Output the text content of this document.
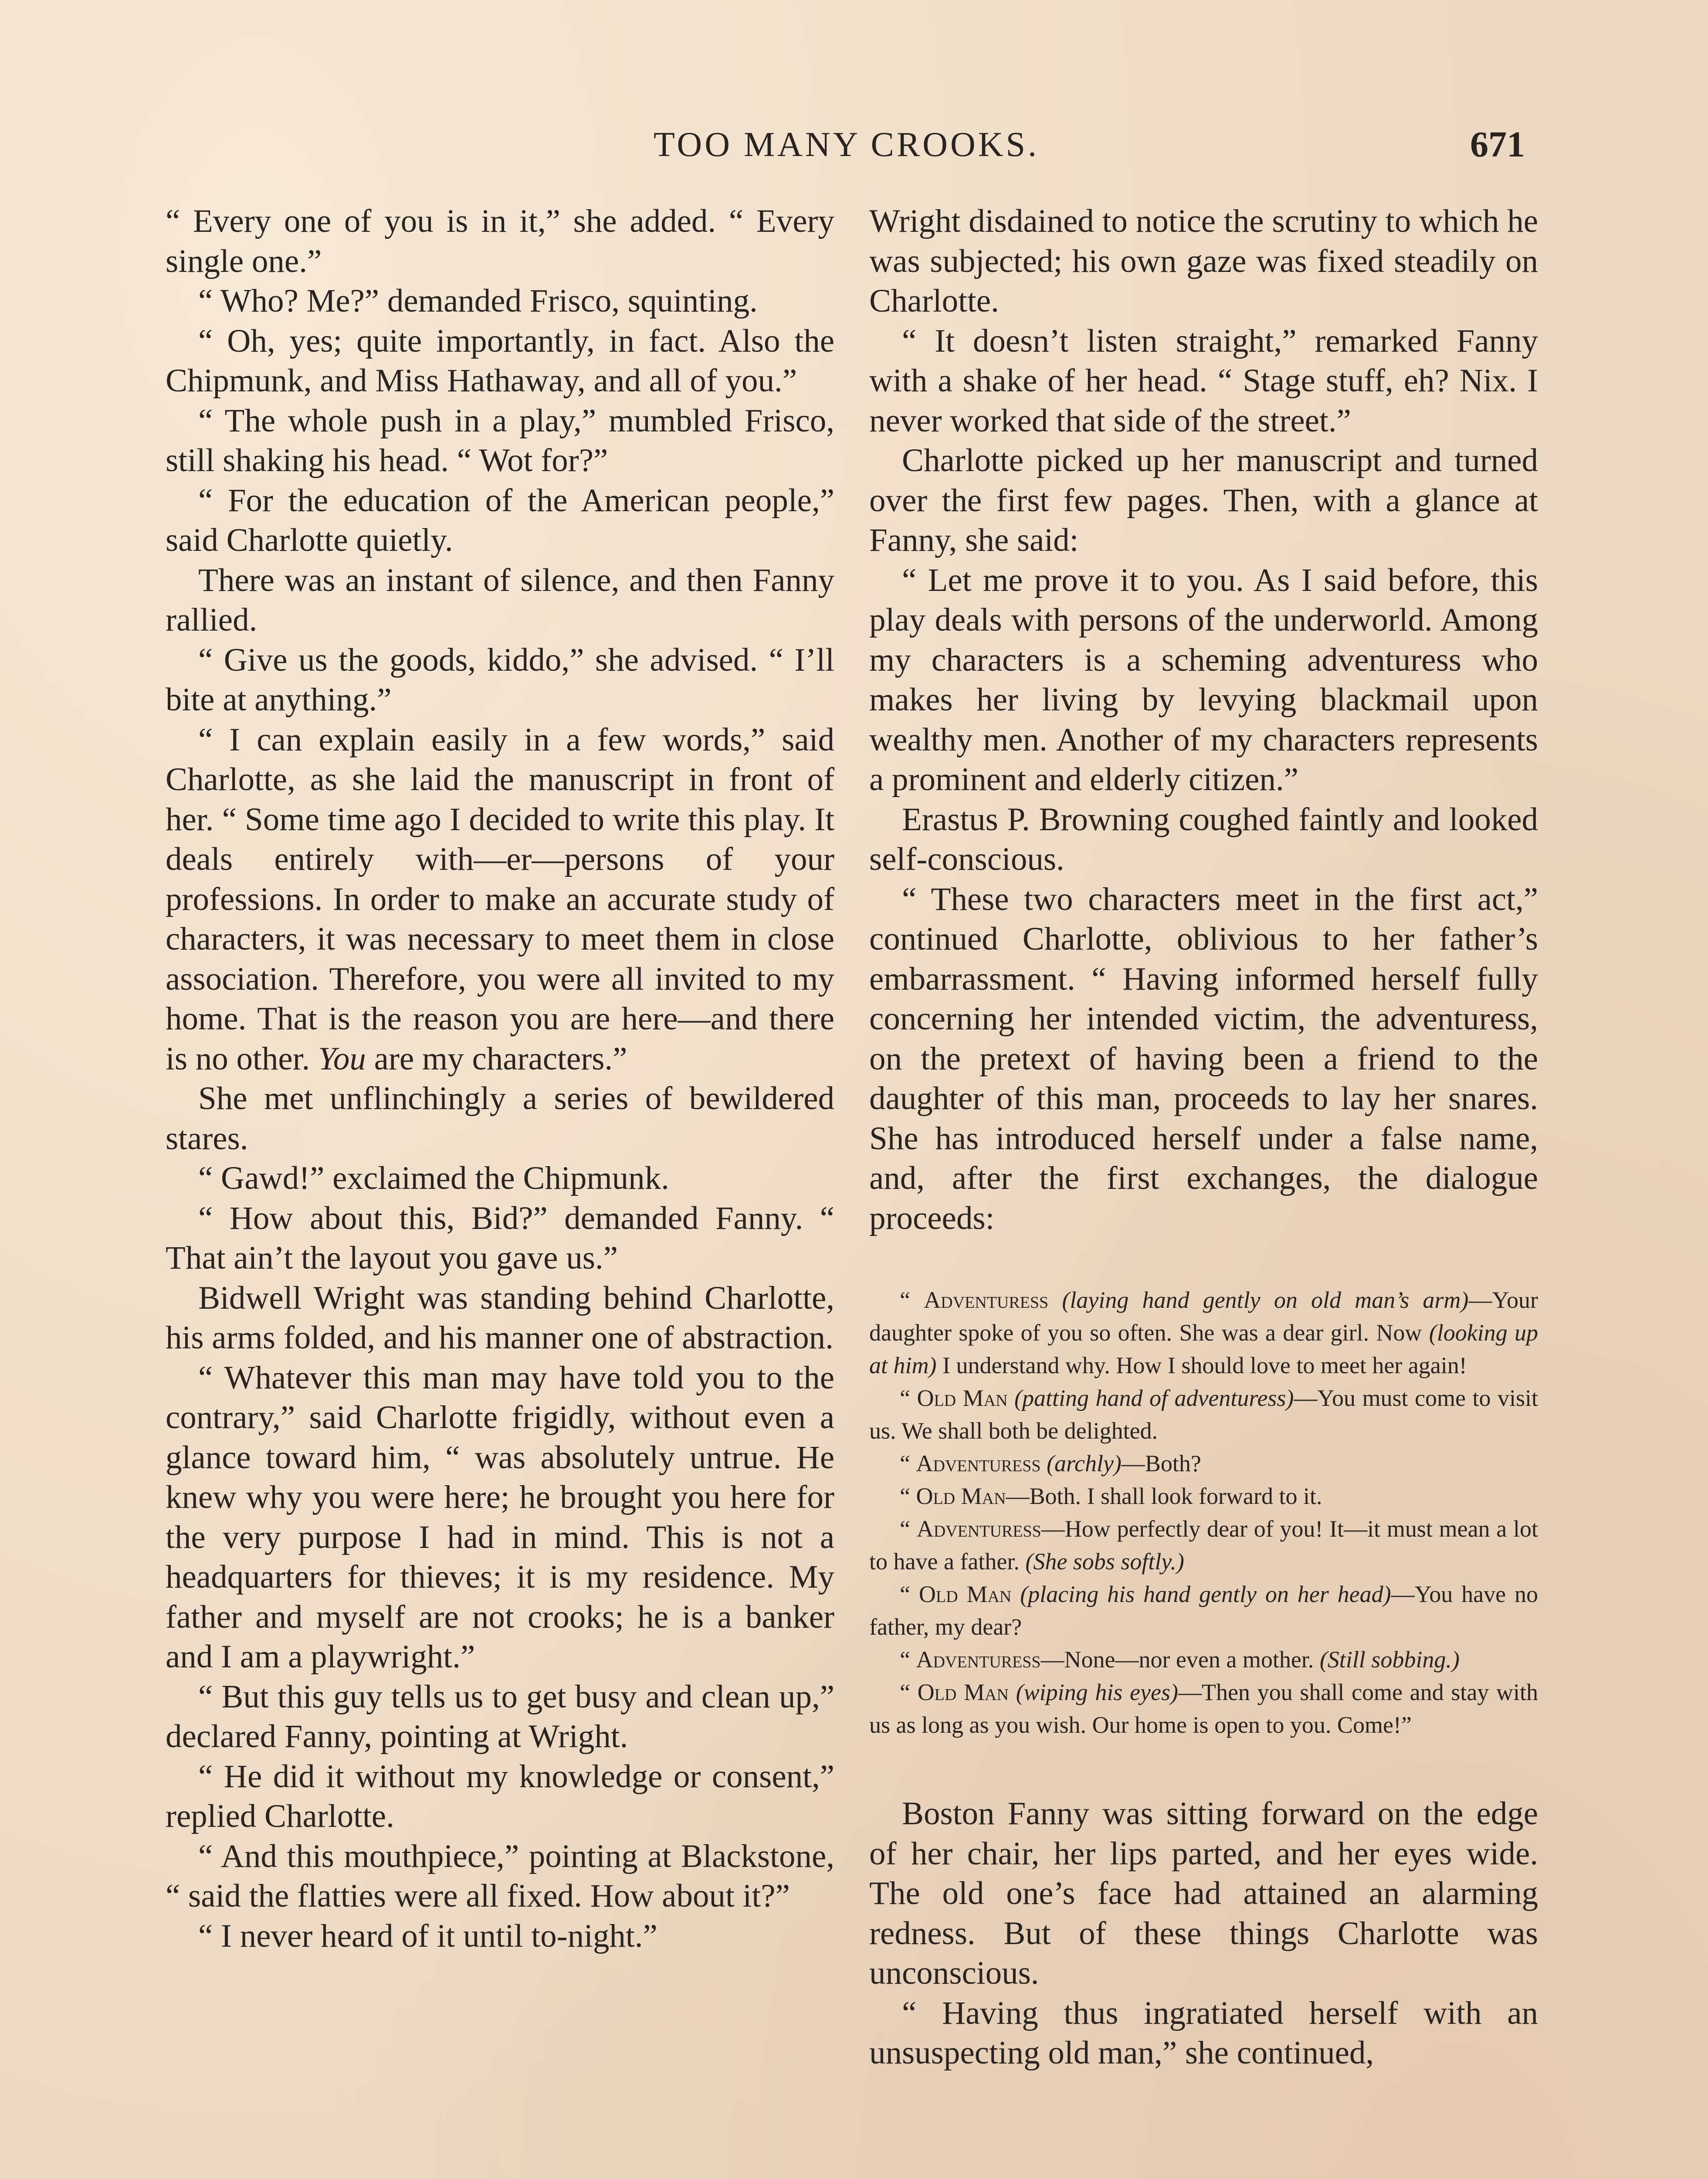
TOO MANY CROOKS.	671

“ Every one of you is in it,” she added. “ Every single one.”

“ Who? Me?” demanded Frisco, squinting.

“ Oh, yes; quite importantly, in fact. Also the Chipmunk, and Miss Hathaway, and all of you.”

“ The whole push in a play,” mumbled Frisco, still shaking his head. “ Wot for?”

“ For the education of the American people,” said Charlotte quietly.

There was an instant of silence, and then Fanny rallied.

“ Give us the goods, kiddo,” she advised. “ I’ll bite at anything.”

“ I can explain easily in a few words,” said Charlotte, as she laid the manuscript in front of her. “ Some time ago I decided to write this play. It deals entirely with—er—persons of your professions. In order to make an accurate study of characters, it was necessary to meet them in close association. Therefore, you were all invited to my home. That is the reason you are here—and there is no other. You are my characters.”

She met unflinchingly a series of bewildered stares.

“ Gawd!” exclaimed the Chipmunk.

“ How about this, Bid?” demanded Fanny. “ That ain’t the layout you gave us.”

Bidwell Wright was standing behind Charlotte, his arms folded, and his manner one of abstraction.

“ Whatever this man may have told you to the contrary,” said Charlotte frigidly, without even a glance toward him, “ was absolutely untrue. He knew why you were here; he brought you here for the very purpose I had in mind. This is not a headquarters for thieves; it is my residence. My father and myself are not crooks; he is a banker and I am a playwright.”

“ But this guy tells us to get busy and clean up,” declared Fanny, pointing at Wright.

“ He did it without my knowledge or consent,” replied Charlotte.

“ And this mouthpiece,” pointing at Blackstone, “ said the flatties were all fixed. How about it?”

“ I never heard of it until to-night.”

Wright disdained to notice the scrutiny to which he was subjected; his own gaze was fixed steadily on Charlotte.

“ It doesn’t listen straight,” remarked Fanny with a shake of her head. “ Stage stuff, eh? Nix. I never worked that side of the street.”

Charlotte picked up her manuscript and turned over the first few pages. Then, with a glance at Fanny, she said:

“ Let me prove it to you. As I said before, this play deals with persons of the underworld. Among my characters is a scheming adventuress who makes her living by levying blackmail upon wealthy men. Another of my characters represents a prominent and elderly citizen.”

Erastus P. Browning coughed faintly and looked self-conscious.

“ These two characters meet in the first act,” continued Charlotte, oblivious to her father’s embarrassment. “ Having informed herself fully concerning her intended victim, the adventuress, on the pretext of having been a friend to the daughter of this man, proceeds to lay her snares. She has introduced herself under a false name, and, after the first exchanges, the dialogue proceeds:

“ Adventuress (laying hand gently on old man’s arm)—Your daughter spoke of you so often. She was a dear girl. Now (looking up at him) I understand why. How I should love to meet her again!

“ Old Man (patting hand of adventuress)—You must come to visit us. We shall both be delighted.

“ Adventuress (archly)—Both?

“ Old Man—Both. I shall look forward to it.

“ Adventuress—How perfectly dear of you! It—it must mean a lot to have a father. (She sobs softly.)

“ Old Man (placing his hand gently on her head)—You have no father, my dear?

“ Adventuress—None—nor even a mother. (Still sobbing.)

“ Old Man (wiping his eyes)—Then you shall come and stay with us as long as you wish. Our home is open to you. Come!”

Boston Fanny was sitting forward on the edge of her chair, her lips parted, and her eyes wide. The old one’s face had attained an alarming redness. But of these things Charlotte was unconscious.

“ Having thus ingratiated herself with an unsuspecting old man,” she continued,
